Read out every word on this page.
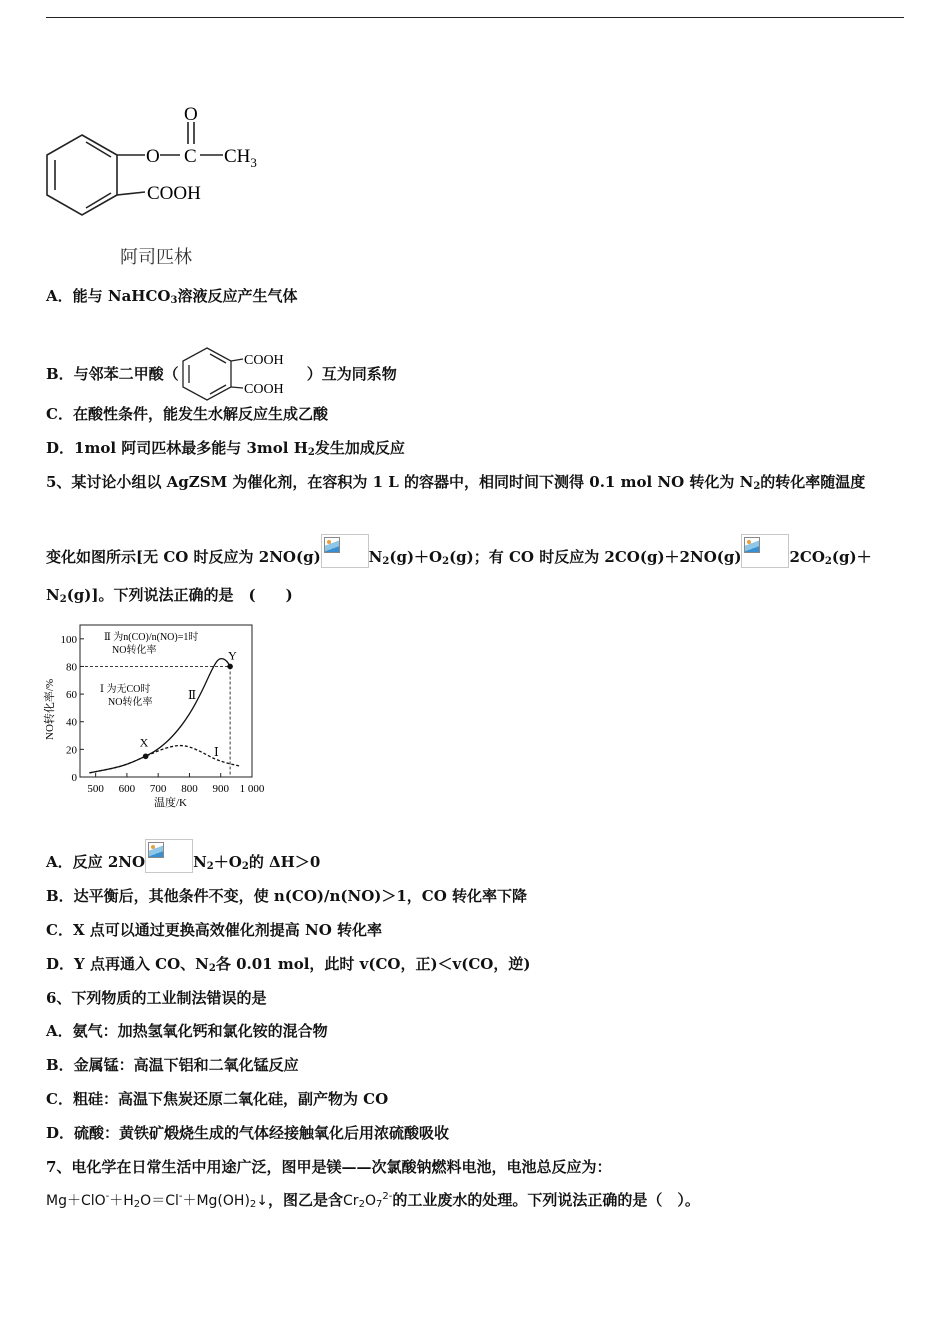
O
O C $CH_3$
COOH
阿司匹林
A．能与 NaHCO$_3$溶液反应产生气体
B．与邻苯二甲酸（
COOH
COOH
）互为同系物
C．在酸性条件，能发生水解反应生成乙酸
D．1mol 阿司匹林最多能与 3mol $H_2$发生加成反应
5、某讨论小组以 AgZSM 为催化剂，在容积为 1 L 的容器中，相同时间下测得 0.1 mol NO 转化为 $N_2$的转化率随温度
变化如图所示[无 CO 时反应为 2NO(g)	$N_2(g)+O_2(g)$；有 CO 时反应为 2CO(g)＋2NO(g)	$2CO_2(g)+$
$N_2(g)$]。下列说法正确的是　(　　)
0
20
40
60
80
100
500 600 700 800 900 1 000
X
Y
Ⅱ 为n(CO)/n(NO)=1时
NO转化率
Ⅰ 为无CO时
NO转化率
Ⅱ
Ⅰ
温度/K
NO转化率/%
A．反应 2NO	$N_2+O_2$的 ΔH＞0
B．达平衡后，其他条件不变，使 n(CO)/n(NO)＞1，CO 转化率下降
C．X 点可以通过更换高效催化剂提高 NO 转化率
D．Y 点再通入 CO、$N_2$各 0.01 mol，此时 v(CO，正)＜v(CO，逆)
6、下列物质的工业制法错误的是
A．氨气：加热氢氧化钙和氯化铵的混合物
B．金属锰：高温下铝和二氧化锰反应
C．粗硅：高温下焦炭还原二氧化硅，副产物为 CO
D．硫酸：黄铁矿煅烧生成的气体经接触氧化后用浓硫酸吸收
7、电化学在日常生活中用途广泛，图甲是镁——次氯酸钠燃料电池，电池总反应为：
$Mg+ClO^-+H_2O=Cl^-+Mg(OH)_2↓$，图乙是含$Cr_2O_7^{2-}$的工业废水的处理。下列说法正确的是（　）。
